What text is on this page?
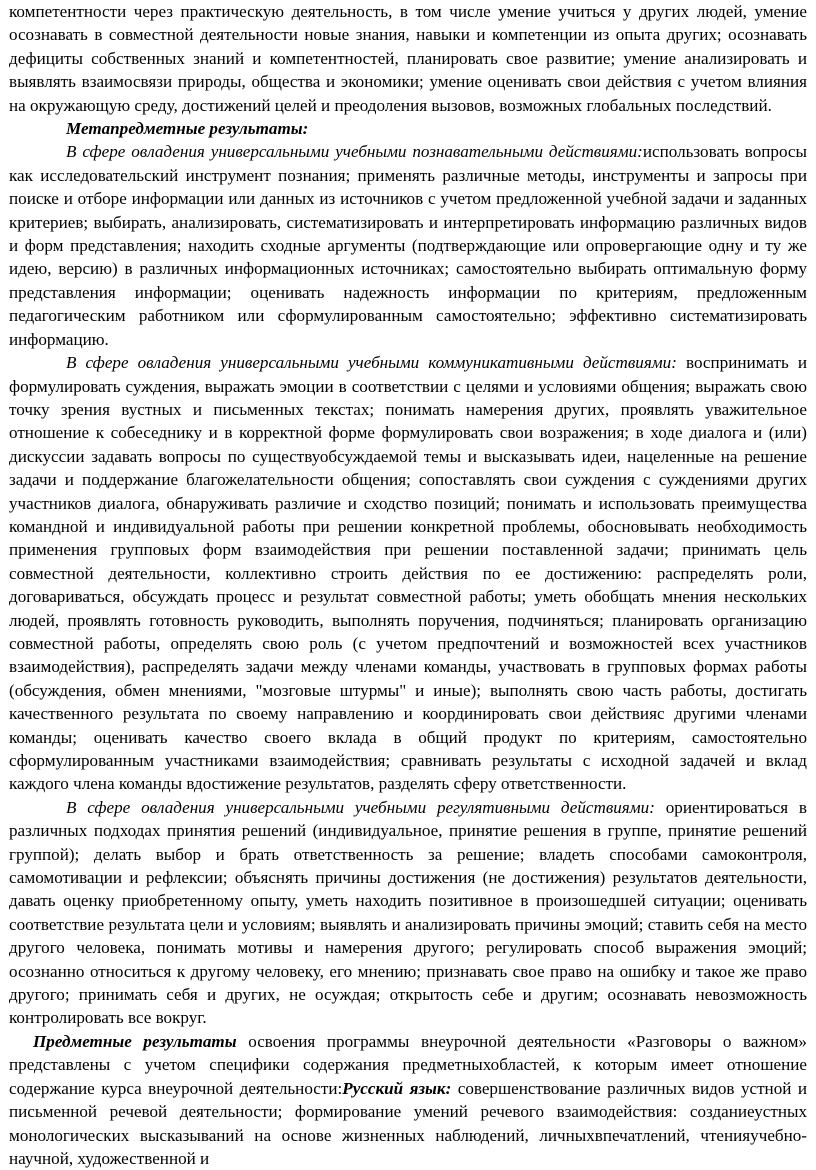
компетентности через практическую деятельность, в том числе умение учиться у других людей, умение осознавать в совместной деятельности новые знания, навыки и компетенции из опыта других; осознавать дефициты собственных знаний и компетентностей, планировать свое развитие; умение анализировать и выявлять взаимосвязи природы, общества и экономики; умение оценивать свои действия с учетом влияния на окружающую среду, достижений целей и преодоления вызовов, возможных глобальных последствий.

Метапредметные результаты:

В сфере овладения универсальными учебными познавательными действиями:использовать вопросы как исследовательский инструмент познания; применять различные методы, инструменты и запросы при поиске и отборе информации или данных из источников с учетом предложенной учебной задачи и заданных критериев; выбирать, анализировать, систематизировать и интерпретировать информацию различных видов и форм представления; находить сходные аргументы (подтверждающие или опровергающие одну и ту же идею, версию) в различных информационных источниках; самостоятельно выбирать оптимальную форму представления информации; оценивать надежность информации по критериям, предложенным педагогическим работником или сформулированным самостоятельно; эффективно систематизировать информацию.

В сфере овладения универсальными учебными коммуникативными действиями: воспринимать и формулировать суждения, выражать эмоции в соответствии с целями и условиями общения; выражать свою точку зрения вустных и письменных текстах; понимать намерения других, проявлять уважительное отношение к собеседнику и в корректной форме формулировать свои возражения; в ходе диалога и (или) дискуссии задавать вопросы по существуобсуждаемой темы и высказывать идеи, нацеленные на решение задачи и поддержание благожелательности общения; сопоставлять свои суждения с суждениями других участников диалога, обнаруживать различие и сходство позиций; понимать и использовать преимущества командной и индивидуальной работы при решении конкретной проблемы, обосновывать необходимость применения групповых форм взаимодействия при решении поставленной задачи; принимать цель совместной деятельности, коллективно строить действия по ее достижению: распределять роли, договариваться, обсуждать процесс и результат совместной работы; уметь обобщать мнения нескольких людей, проявлять готовность руководить, выполнять поручения, подчиняться; планировать организацию совместной работы, определять свою роль (с учетом предпочтений и возможностей всех участников взаимодействия), распределять задачи между членами команды, участвовать в групповых формах работы (обсуждения, обмен мнениями, "мозговые штурмы" и иные); выполнять свою часть работы, достигать качественного результата по своему направлению и координировать свои действияс другими членами команды; оценивать качество своего вклада в общий продукт по критериям, самостоятельно сформулированным участниками взаимодействия; сравнивать результаты с исходной задачей и вклад каждого члена команды вдостижение результатов, разделять сферу ответственности.

В сфере овладения универсальными учебными регулятивными действиями: ориентироваться в различных подходах принятия решений (индивидуальное, принятие решения в группе, принятие решений группой); делать выбор и брать ответственность за решение; владеть способами самоконтроля, самомотивации и рефлексии; объяснять причины достижения (не достижения) результатов деятельности, давать оценку приобретенному опыту, уметь находить позитивное в произошедшей ситуации; оценивать соответствие результата цели и условиям; выявлять и анализировать причины эмоций; ставить себя на место другого человека, понимать мотивы и намерения другого; регулировать способ выражения эмоций; осознанно относиться к другому человеку, его мнению; признавать свое право на ошибку и такое же право другого; принимать себя и других, не осуждая; открытость себе и другим; осознавать невозможность контролировать все вокруг.

Предметные результаты освоения программы внеурочной деятельности «Разговоры о важном» представлены с учетом специфики содержания предметныхобластей, к которым имеет отношение содержание курса внеурочной деятельности:Русский язык: совершенствование различных видов устной и письменной речевой деятельности; формирование умений речевого взаимодействия: созданиеустных монологических высказываний на основе жизненных наблюдений, личныхвпечатлений, чтенияучебно-научной, художественной и
